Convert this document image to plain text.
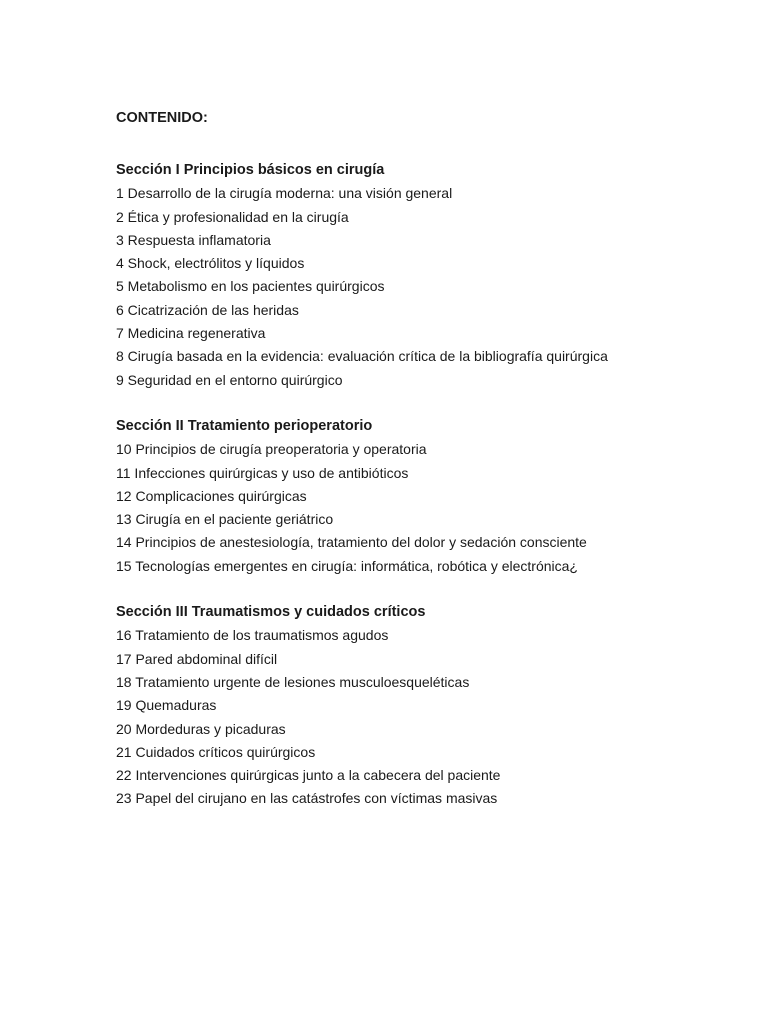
CONTENIDO:
Sección I Principios básicos en cirugía
1 Desarrollo de la cirugía moderna: una visión general
2 Ética y profesionalidad en la cirugía
3 Respuesta inflamatoria
4 Shock, electrólitos y líquidos
5 Metabolismo en los pacientes quirúrgicos
6 Cicatrización de las heridas
7 Medicina regenerativa
8 Cirugía basada en la evidencia: evaluación crítica de la bibliografía quirúrgica
9 Seguridad en el entorno quirúrgico
Sección II Tratamiento perioperatorio
10 Principios de cirugía preoperatoria y operatoria
11 Infecciones quirúrgicas y uso de antibióticos
12 Complicaciones quirúrgicas
13 Cirugía en el paciente geriátrico
14 Principios de anestesiología, tratamiento del dolor y sedación consciente
15 Tecnologías emergentes en cirugía: informática, robótica y electrónica¿
Sección III Traumatismos y cuidados críticos
16 Tratamiento de los traumatismos agudos
17 Pared abdominal difícil
18 Tratamiento urgente de lesiones musculoesqueléticas
19 Quemaduras
20 Mordeduras y picaduras
21 Cuidados críticos quirúrgicos
22 Intervenciones quirúrgicas junto a la cabecera del paciente
23 Papel del cirujano en las catástrofes con víctimas masivas
